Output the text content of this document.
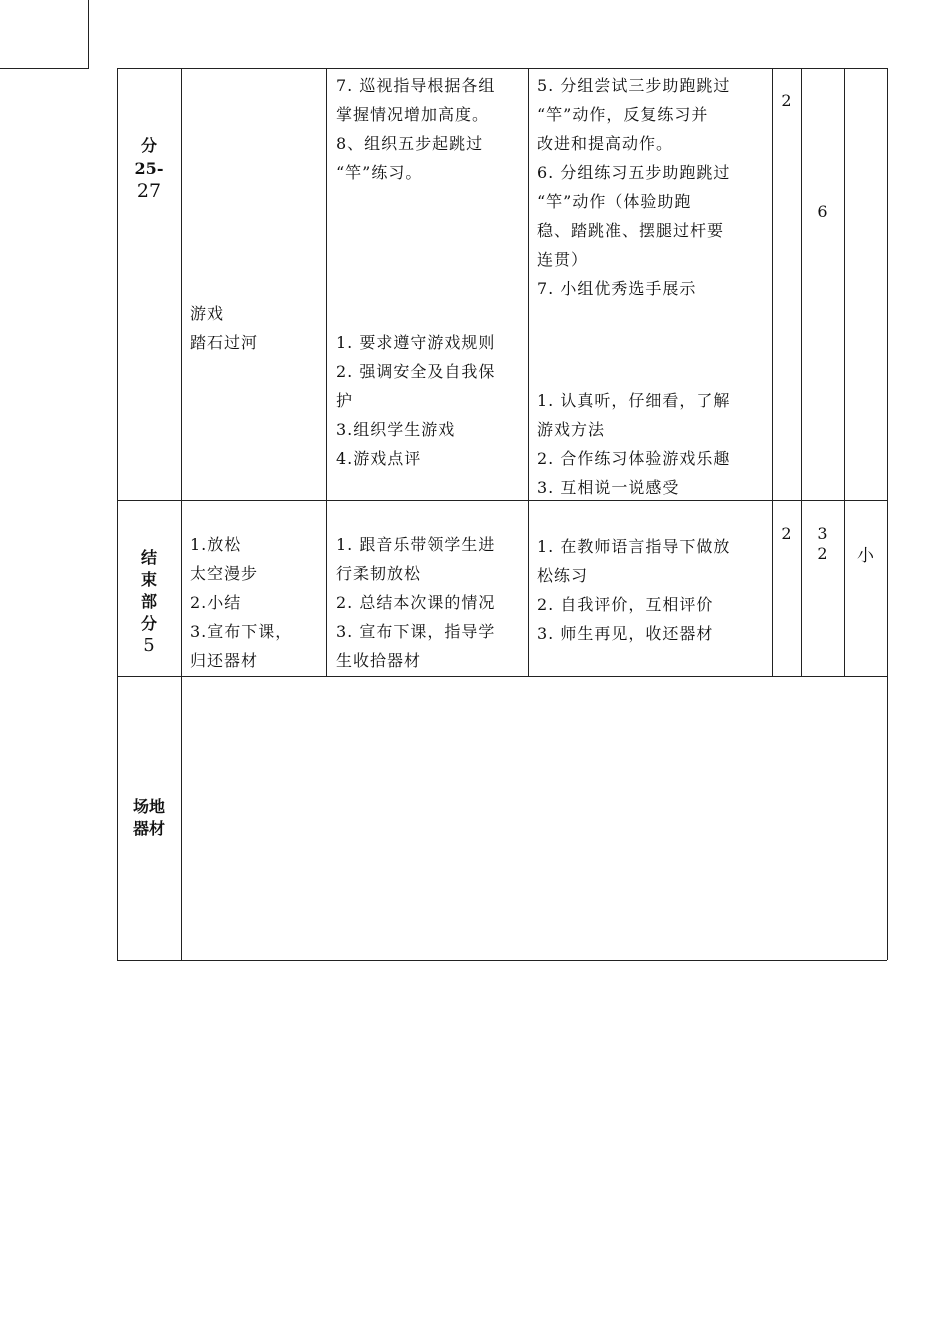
分
25-
27
游戏
踏石过河
7. 巡视指导根据各组
掌握情况增加高度。
8、组织五步起跳过
“竿”练习。
1. 要求遵守游戏规则
2. 强调安全及自我保
护
3.组织学生游戏
4.游戏点评
5. 分组尝试三步助跑跳过
“竿”动作，反复练习并
改进和提高动作。
6. 分组练习五步助跑跳过
“竿”动作（体验助跑
稳、踏跳准、摆腿过杆要
连贯）
7. 小组优秀选手展示
1. 认真听，仔细看，了解
游戏方法
2. 合作练习体验游戏乐趣
3. 互相说一说感受
2
6
结
束
部
分
5
1.放松
太空漫步
2.小结
3.宣布下课，
归还器材
1. 跟音乐带领学生进
行柔韧放松
2. 总结本次课的情况
3. 宣布下课，指导学
生收拾器材
1. 在教师语言指导下做放
松练习
2. 自我评价，互相评价
3. 师生再见，收还器材
2	3
2	小
场地
器材
